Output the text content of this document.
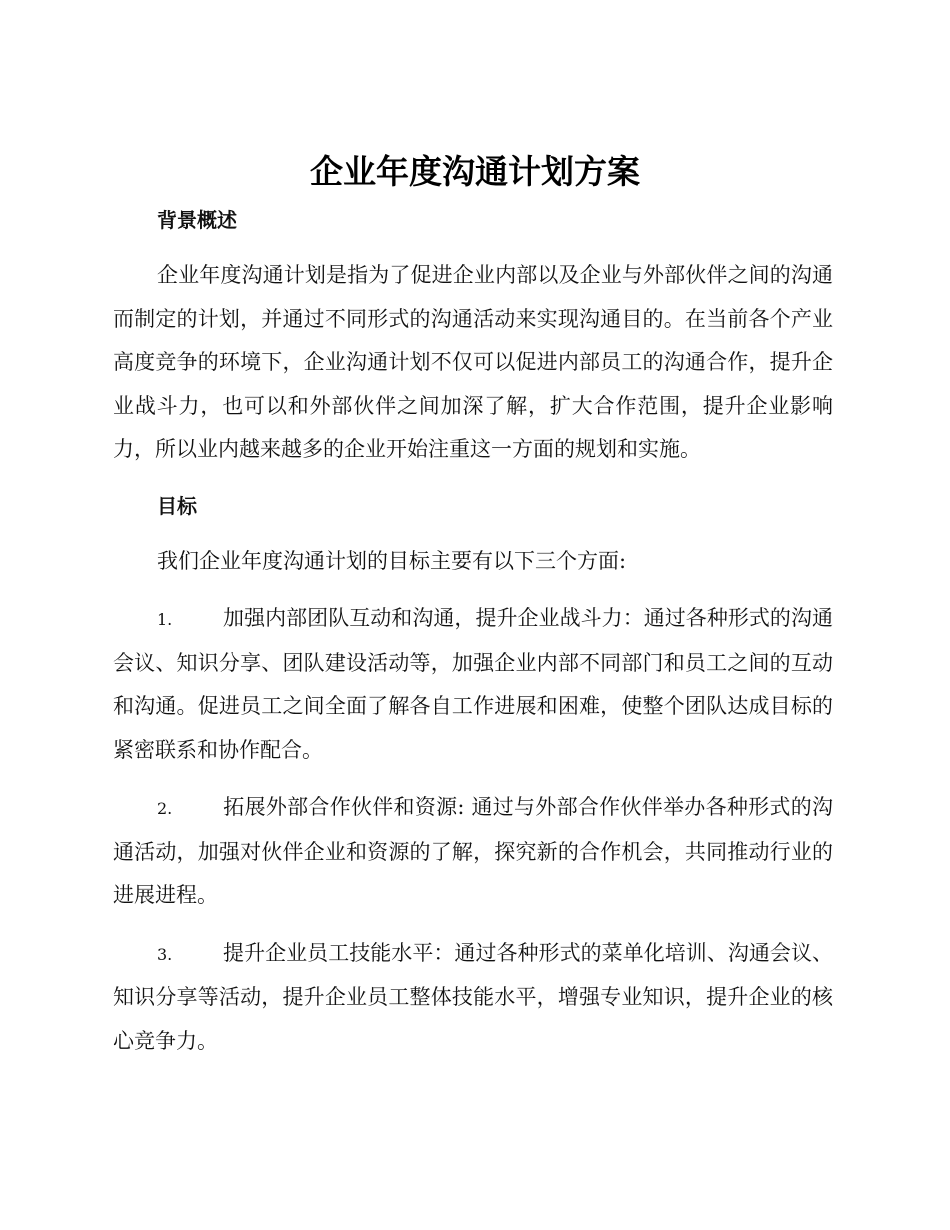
企业年度沟通计划方案
背景概述

企业年度沟通计划是指为了促进企业内部以及企业与外部伙伴之间的沟通而制定的计划，并通过不同形式的沟通活动来实现沟通目的。在当前各个产业高度竞争的环境下，企业沟通计划不仅可以促进内部员工的沟通合作，提升企业战斗力，也可以和外部伙伴之间加深了解，扩大合作范围，提升企业影响力，所以业内越来越多的企业开始注重这一方面的规划和实施。

目标

我们企业年度沟通计划的目标主要有以下三个方面:

1. 加强内部团队互动和沟通，提升企业战斗力：通过各种形式的沟通会议、知识分享、团队建设活动等，加强企业内部不同部门和员工之间的互动和沟通。促进员工之间全面了解各自工作进展和困难，使整个团队达成目标的紧密联系和协作配合。

2. 拓展外部合作伙伴和资源: 通过与外部合作伙伴举办各种形式的沟通活动，加强对伙伴企业和资源的了解，探究新的合作机会，共同推动行业的进展进程。

3. 提升企业员工技能水平：通过各种形式的菜单化培训、沟通会议、知识分享等活动，提升企业员工整体技能水平，增强专业知识，提升企业的核心竞争力。
